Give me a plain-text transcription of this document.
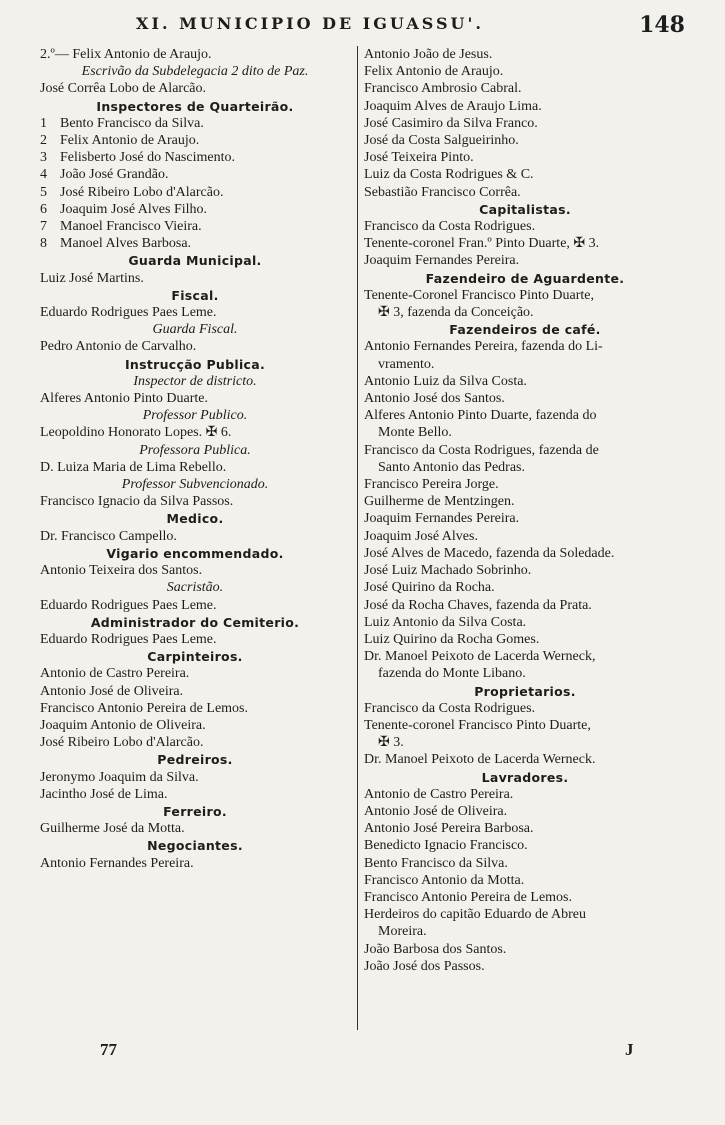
XI. MUNICIPIO DE IGUASSU'.	148
2.º— Felix Antonio de Araujo.
Escrivão da Subdelegacia 2 dito de Paz.
José Corrêa Lobo de Alarcão.
Inspectores de Quarteirão.
1 Bento Francisco da Silva.
2 Felix Antonio de Araujo.
3 Felisberto José do Nascimento.
4 João José Grandão.
5 José Ribeiro Lobo d'Alarcão.
6 Joaquim José Alves Filho.
7 Manoel Francisco Vieira.
8 Manoel Alves Barbosa.
Guarda Municipal.
Luiz José Martins.
Fiscal.
Eduardo Rodrigues Paes Leme.
Guarda Fiscal.
Pedro Antonio de Carvalho.
Instrucção Publica.
Inspector de districto.
Alferes Antonio Pinto Duarte.
Professor Publico.
Leopoldino Honorato Lopes. ✠ 6.
Professora Publica.
D. Luiza Maria de Lima Rebello.
Professor Subvencionado.
Francisco Ignacio da Silva Passos.
Medico.
Dr. Francisco Campello.
Vigario encommendado.
Antonio Teixeira dos Santos.
Sacristão.
Eduardo Rodrigues Paes Leme.
Administrador do Cemiterio.
Eduardo Rodrigues Paes Leme.
Carpinteiros.
Antonio de Castro Pereira.
Antonio José de Oliveira.
Francisco Antonio Pereira de Lemos.
Joaquim Antonio de Oliveira.
José Ribeiro Lobo d'Alarcão.
Pedreiros.
Jeronymo Joaquim da Silva.
Jacintho José de Lima.
Ferreiro.
Guilherme José da Motta.
Negociantes.
Antonio Fernandes Pereira.
Antonio João de Jesus.
Felix Antonio de Araujo.
Francisco Ambrosio Cabral.
Joaquim Alves de Araujo Lima.
José Casimiro da Silva Franco.
José da Costa Salgueirinho.
José Teixeira Pinto.
Luiz da Costa Rodrigues & C.
Sebastião Francisco Corrêa.
Capitalistas.
Francisco da Costa Rodrigues.
Tenente-coronel Fran.º Pinto Duarte, ✠ 3.
Joaquim Fernandes Pereira.
Fazendeiro de Aguardente.
Tenente-Coronel Francisco Pinto Duarte,
✠ 3, fazenda da Conceição.
Fazendeiros de café.
Antonio Fernandes Pereira, fazenda do Li-
vramento.
Antonio Luiz da Silva Costa.
Antonio José dos Santos.
Alferes Antonio Pinto Duarte, fazenda do
Monte Bello.
Francisco da Costa Rodrigues, fazenda de
Santo Antonio das Pedras.
Francisco Pereira Jorge.
Guilherme de Mentzingen.
Joaquim Fernandes Pereira.
Joaquim José Alves.
José Alves de Macedo, fazenda da Soledade.
José Luiz Machado Sobrinho.
José Quirino da Rocha.
José da Rocha Chaves, fazenda da Prata.
Luiz Antonio da Silva Costa.
Luiz Quirino da Rocha Gomes.
Dr. Manoel Peixoto de Lacerda Werneck,
fazenda do Monte Libano.
Proprietarios.
Francisco da Costa Rodrigues.
Tenente-coronel Francisco Pinto Duarte,
✠ 3.
Dr. Manoel Peixoto de Lacerda Werneck.
Lavradores.
Antonio de Castro Pereira.
Antonio José de Oliveira.
Antonio José Pereira Barbosa.
Benedicto Ignacio Francisco.
Bento Francisco da Silva.
Francisco Antonio da Motta.
Francisco Antonio Pereira de Lemos.
Herdeiros do capitão Eduardo de Abreu
Moreira.
João Barbosa dos Santos.
João José dos Passos.
77	J
